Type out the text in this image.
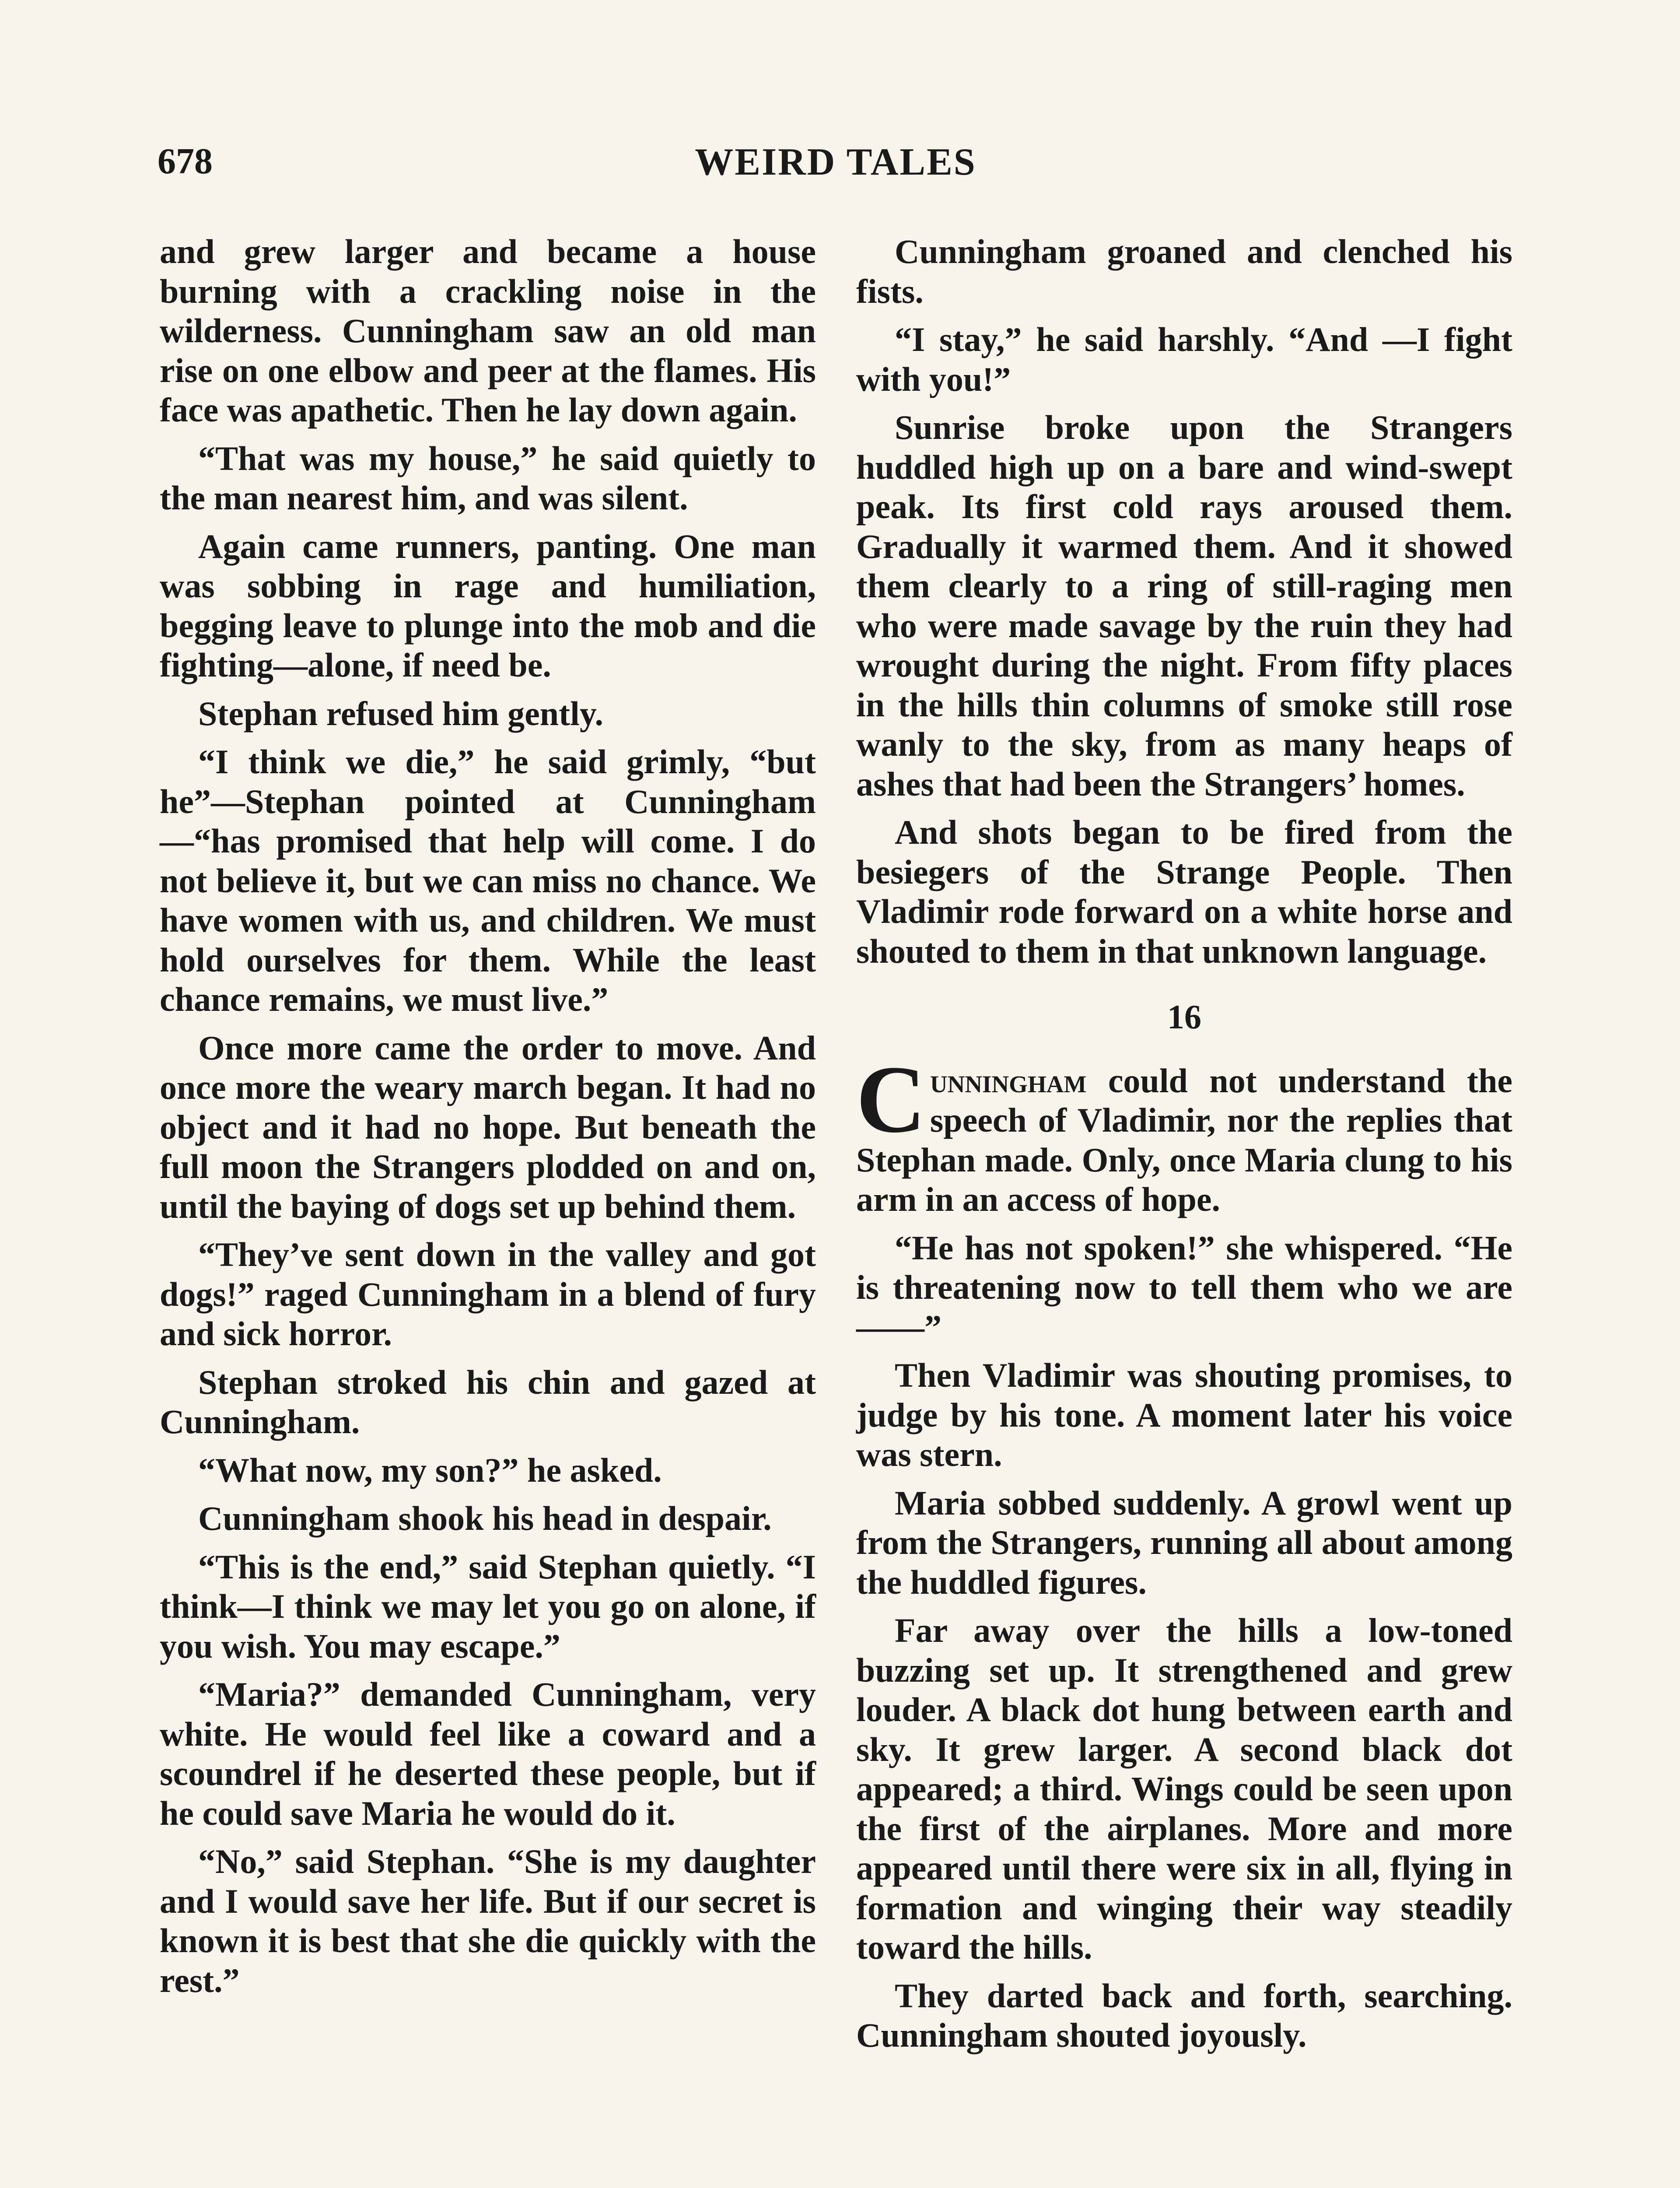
678	WEIRD TALES

and grew larger and became a house burning with a crackling noise in the wilderness. Cunningham saw an old man rise on one elbow and peer at the flames. His face was apathetic. Then he lay down again.

“That was my house,” he said quietly to the man nearest him, and was silent.

Again came runners, panting. One man was sobbing in rage and humiliation, begging leave to plunge into the mob and die fighting—alone, if need be.

Stephan refused him gently.

“I think we die,” he said grimly, “but he”—Stephan pointed at Cunningham—“has promised that help will come. I do not believe it, but we can miss no chance. We have women with us, and children. We must hold ourselves for them. While the least chance remains, we must live.”

Once more came the order to move. And once more the weary march began. It had no object and it had no hope. But beneath the full moon the Strangers plodded on and on, until the baying of dogs set up behind them.

“They’ve sent down in the valley and got dogs!” raged Cunningham in a blend of fury and sick horror.

Stephan stroked his chin and gazed at Cunningham.

“What now, my son?” he asked.

Cunningham shook his head in despair.

“This is the end,” said Stephan quietly. “I think—I think we may let you go on alone, if you wish. You may escape.”

“Maria?” demanded Cunningham, very white. He would feel like a coward and a scoundrel if he deserted these people, but if he could save Maria he would do it.

“No,” said Stephan. “She is my daughter and I would save her life. But if our secret is known it is best that she die quickly with the rest.”

Cunningham groaned and clenched his fists.

“I stay,” he said harshly. “And —I fight with you!”

Sunrise broke upon the Strangers huddled high up on a bare and wind-swept peak. Its first cold rays aroused them. Gradually it warmed them. And it showed them clearly to a ring of still-raging men who were made savage by the ruin they had wrought during the night. From fifty places in the hills thin columns of smoke still rose wanly to the sky, from as many heaps of ashes that had been the Strangers’ homes.

And shots began to be fired from the besiegers of the Strange People. Then Vladimir rode forward on a white horse and shouted to them in that unknown language.

16

Cunningham could not understand the speech of Vladimir, nor the replies that Stephan made. Only, once Maria clung to his arm in an access of hope.

“He has not spoken!” she whispered. “He is threatening now to tell them who we are——”

Then Vladimir was shouting promises, to judge by his tone. A moment later his voice was stern.

Maria sobbed suddenly. A growl went up from the Strangers, running all about among the huddled figures.

Far away over the hills a low-toned buzzing set up. It strengthened and grew louder. A black dot hung between earth and sky. It grew larger. A second black dot appeared; a third. Wings could be seen upon the first of the airplanes. More and more appeared until there were six in all, flying in formation and winging their way steadily toward the hills.

They darted back and forth, searching. Cunningham shouted joyously.
